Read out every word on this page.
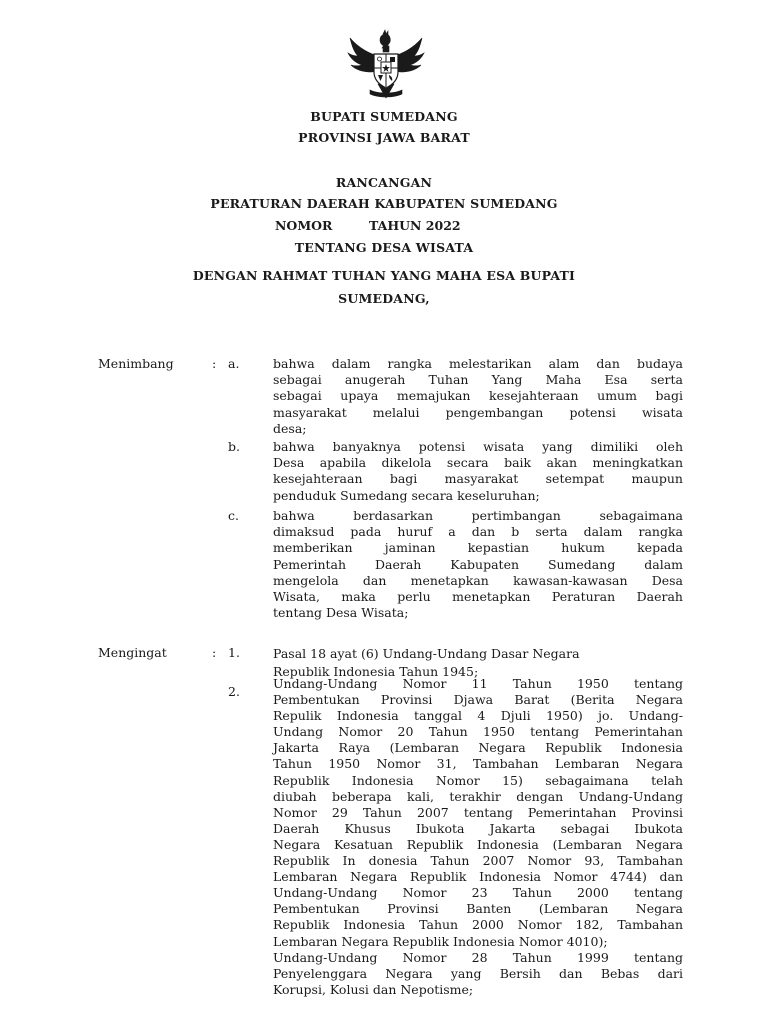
BUPATI SUMEDANG
PROVINSI JAWA BARAT
RANCANGAN
PERATURAN DAERAH KABUPATEN SUMEDANG
NOMOR	TAHUN 2022
TENTANG DESA WISATA
DENGAN RAHMAT TUHAN YANG MAHA ESA BUPATI
SUMEDANG,
Menimbang	: a.	bahwa dalam rangka melestarikan alam dan budaya
sebagai anugerah Tuhan Yang Maha Esa serta
sebagai upaya memajukan kesejahteraan umum bagi
masyarakat melalui pengembangan potensi wisata
desa;
b.	bahwa banyaknya potensi wisata yang dimiliki oleh
Desa apabila dikelola secara baik akan meningkatkan
kesejahteraan bagi masyarakat setempat maupun
penduduk Sumedang secara keseluruhan;
c.	bahwa berdasarkan pertimbangan sebagaimana
dimaksud pada huruf a dan b serta dalam rangka
memberikan jaminan kepastian hukum kepada
Pemerintah Daerah Kabupaten Sumedang dalam
mengelola dan menetapkan kawasan-kawasan Desa
Wisata, maka perlu menetapkan Peraturan Daerah
tentang Desa Wisata;
Mengingat	: 1.	Pasal 18 ayat (6) Undang-Undang Dasar Negara
Republik Indonesia Tahun 1945;
2.
Undang-Undang Nomor 11 Tahun 1950 tentang
Pembentukan Provinsi Djawa Barat (Berita Negara
Repulik Indonesia tanggal 4 Djuli 1950) jo. Undang-
Undang Nomor 20 Tahun 1950 tentang Pemerintahan
Jakarta Raya (Lembaran Negara Republik Indonesia
Tahun 1950 Nomor 31, Tambahan Lembaran Negara
Republik Indonesia Nomor 15) sebagaimana telah
diubah beberapa kali, terakhir dengan Undang-Undang
Nomor 29 Tahun 2007 tentang Pemerintahan Provinsi
Daerah Khusus Ibukota Jakarta sebagai Ibukota
Negara Kesatuan Republik Indonesia (Lembaran Negara
Republik In donesia Tahun 2007 Nomor 93, Tambahan
Lembaran Negara Republik Indonesia Nomor 4744) dan
Undang-Undang Nomor 23 Tahun 2000 tentang
Pembentukan Provinsi Banten (Lembaran Negara
Republik Indonesia Tahun 2000 Nomor 182, Tambahan
Lembaran Negara Republik Indonesia Nomor 4010);
Undang-Undang Nomor 28 Tahun 1999 tentang
Penyelenggara Negara yang Bersih dan Bebas dari
Korupsi, Kolusi dan Nepotisme;
